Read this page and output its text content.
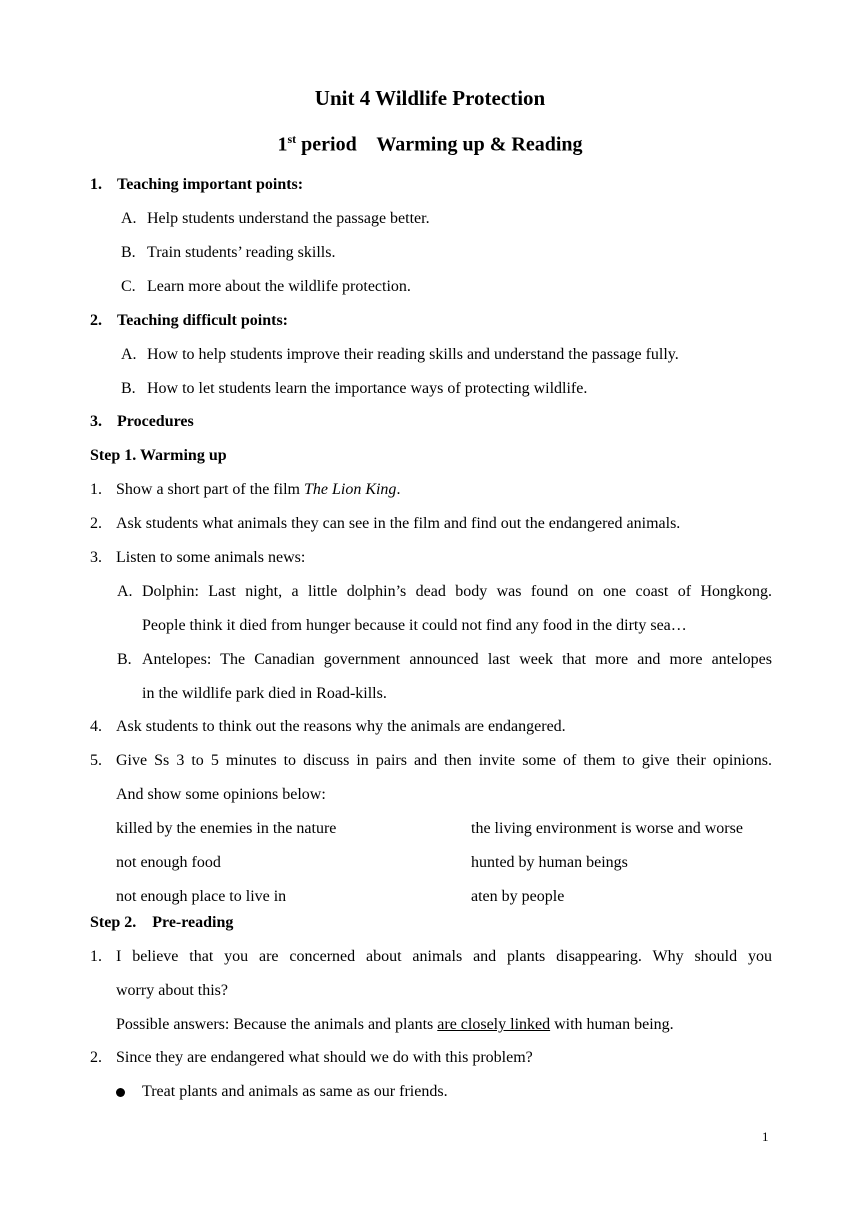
Unit 4 Wildlife Protection
1st period    Warming up & Reading
1. Teaching important points:
A. Help students understand the passage better.
B. Train students’ reading skills.
C. Learn more about the wildlife protection.
2. Teaching difficult points:
A. How to help students improve their reading skills and understand the passage fully.
B. How to let students learn the importance ways of protecting wildlife.
3. Procedures
Step 1. Warming up
1. Show a short part of the film The Lion King.
2. Ask students what animals they can see in the film and find out the endangered animals.
3. Listen to some animals news:
A. Dolphin: Last night, a little dolphin’s dead body was found on one coast of Hongkong.
People think it died from hunger because it could not find any food in the dirty sea…
B. Antelopes: The Canadian government announced last week that more and more antelopes
in the wildlife park died in Road-kills.
4. Ask students to think out the reasons why the animals are endangered.
5. Give Ss 3 to 5 minutes to discuss in pairs and then invite some of them to give their opinions.
And show some opinions below:
killed by the enemies in the nature
not enough food
not enough place to live in
the living environment is worse and worse
hunted by human beings
aten by people
Step 2.    Pre-reading
1. I believe that you are concerned about animals and plants disappearing. Why should you
worry about this?
Possible answers: Because the animals and plants are closely linked with human being.
2. Since they are endangered what should we do with this problem?
Treat plants and animals as same as our friends.
1
